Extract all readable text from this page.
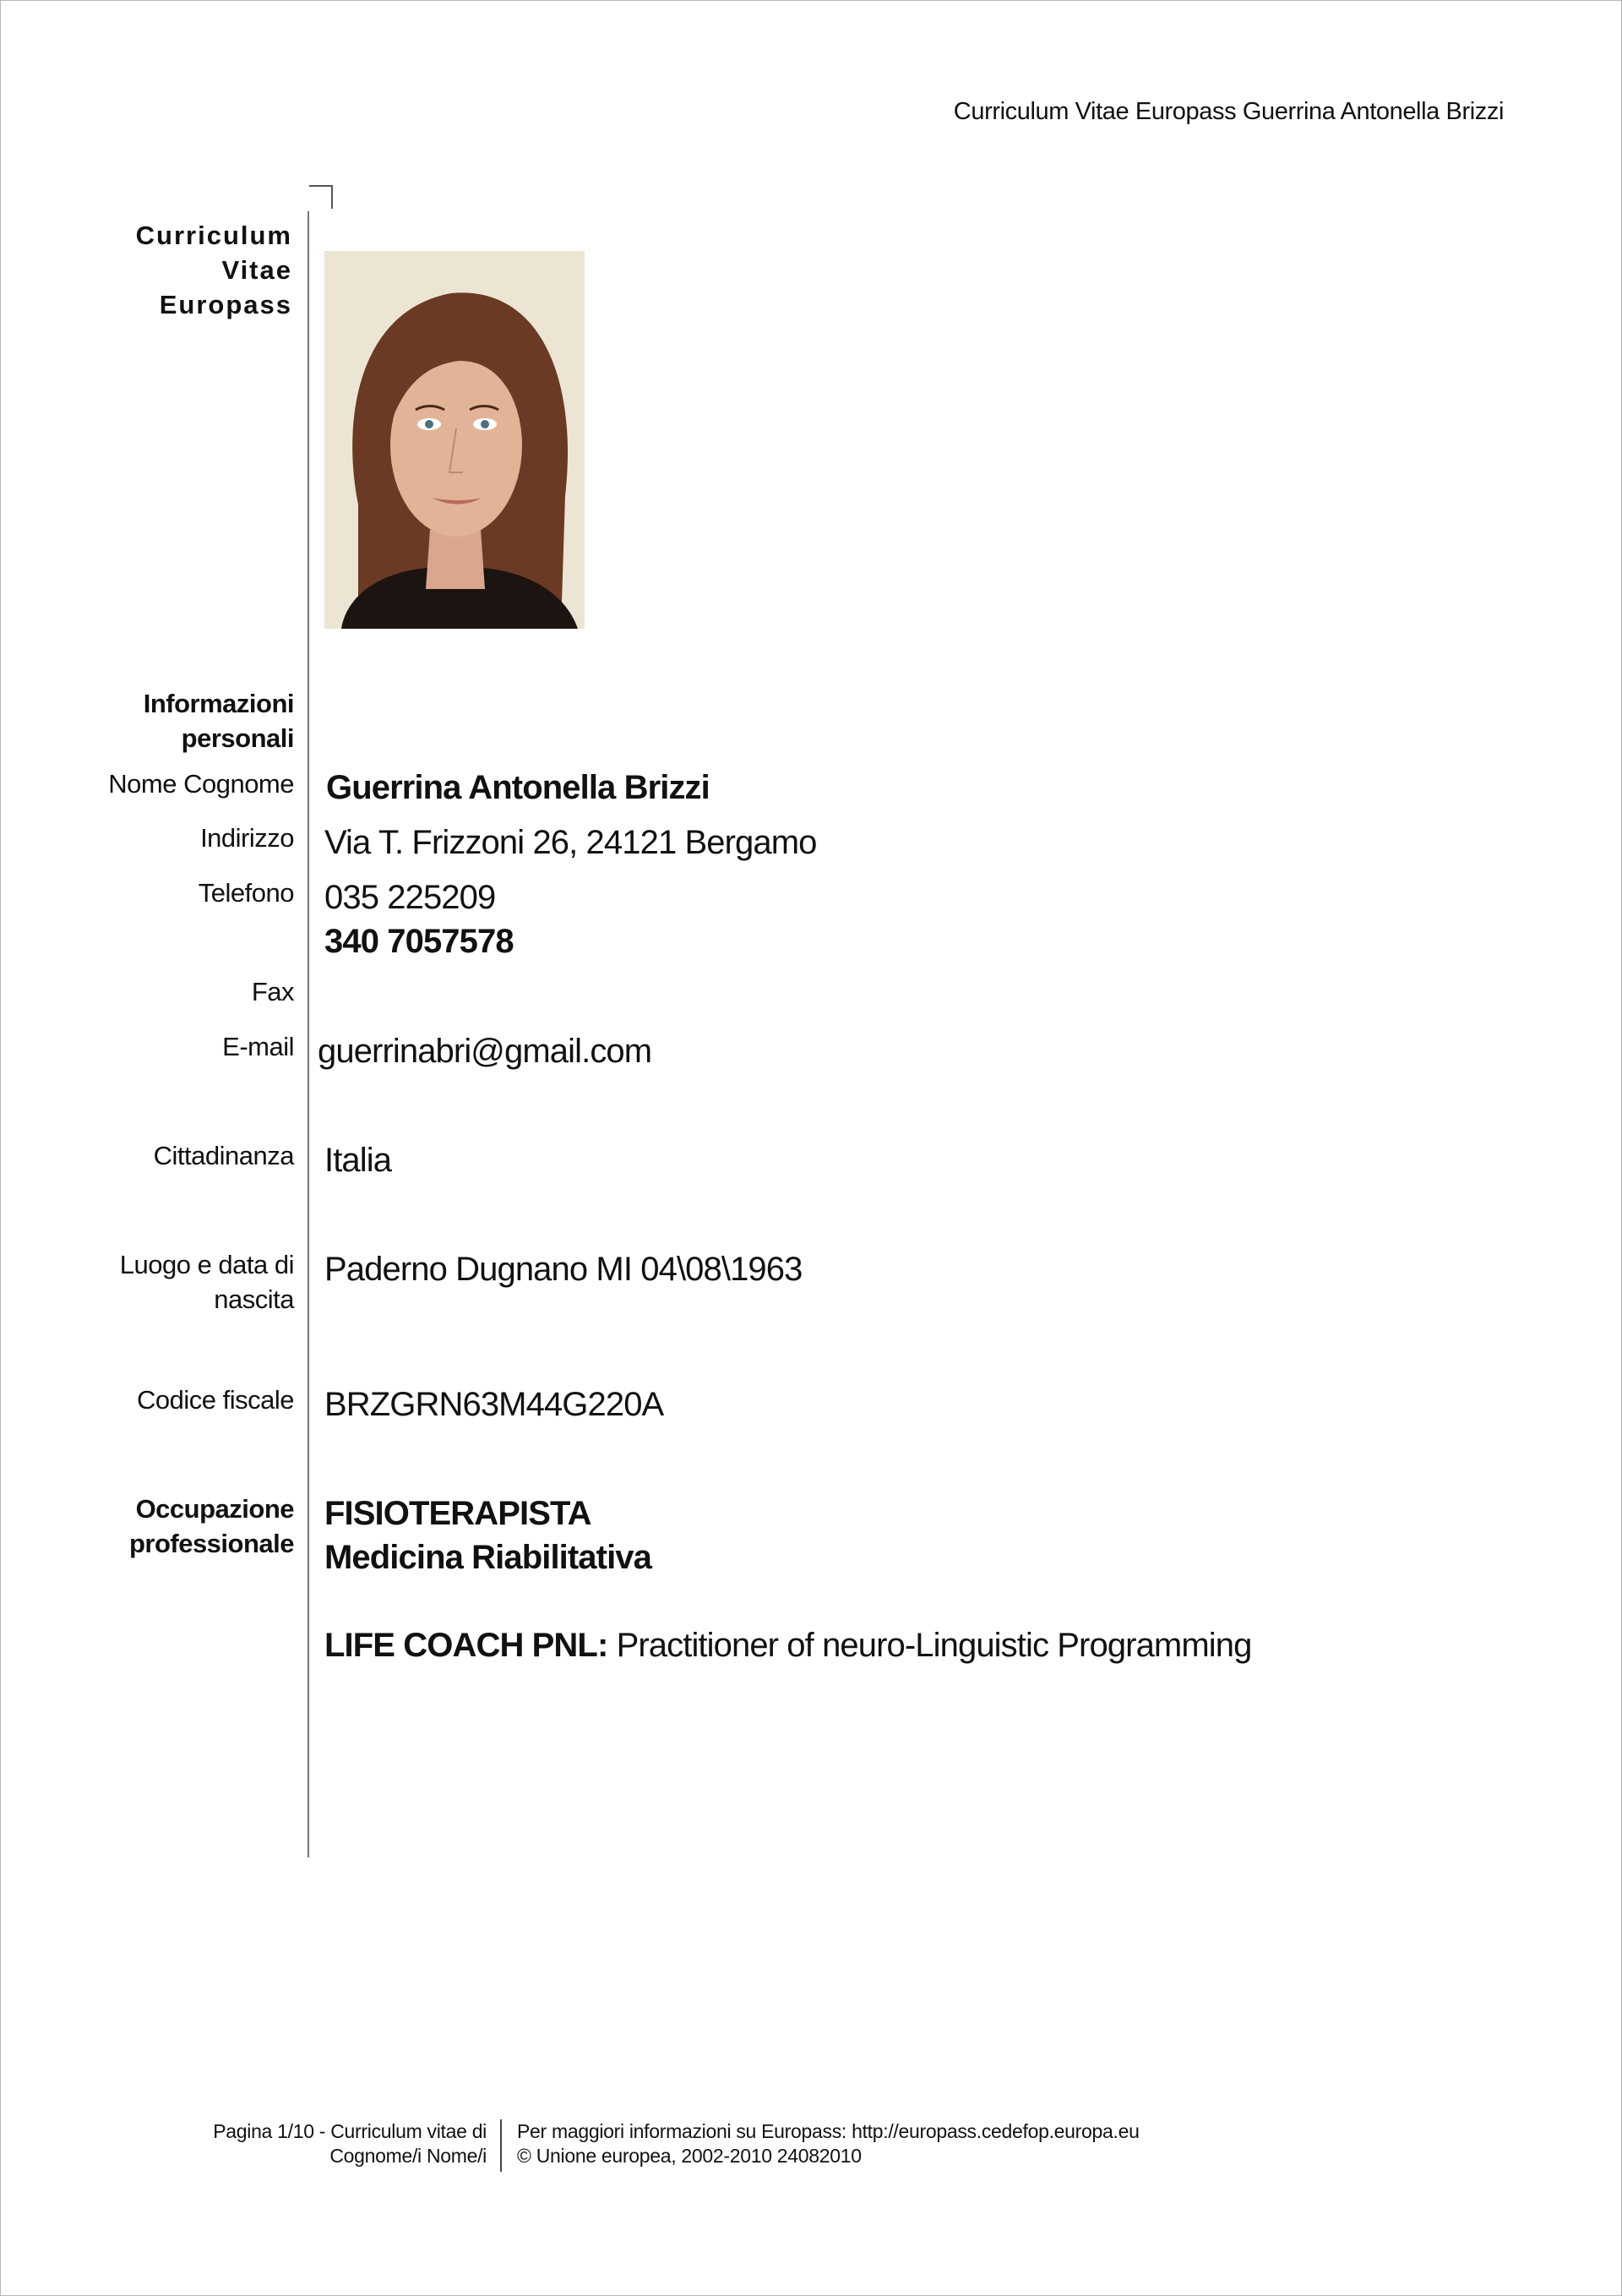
Curriculum Vitae Europass Guerrina Antonella Brizzi
Curriculum
Vitae
Europass
Informazioni
personali
Nome Cognome Guerrina Antonella Brizzi
Indirizzo Via T. Frizzoni 26, 24121 Bergamo
Telefono 035 225209
340 7057578
Fax
E-mail guerrinabri@gmail.com
Cittadinanza Italia
Luogo e data di
nascita
Paderno Dugnano MI 04\08\1963
Codice fiscale BRZGRN63M44G220A
Occupazione
professionale
FISIOTERAPISTA
Medicina Riabilitativa
LIFE COACH PNL: Practitioner of neuro-Linguistic Programming
Pagina 1/10 - Curriculum vitae di
Cognome/i Nome/i
Per maggiori informazioni su Europass: http://europass.cedefop.europa.eu
© Unione europea, 2002-2010 24082010
